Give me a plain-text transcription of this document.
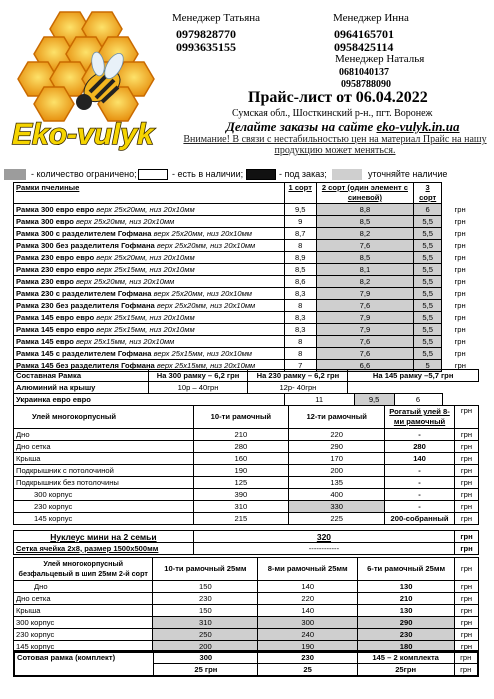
Eko-vulyk
Менеджер Татьяна
0979828770
0993635155
Менеджер Инна
0964165701
0958425114
Менеджер Наталья
0681040137
0958788090
Прайс-лист от 06.04.2022
Сумская обл., Шосткинский р-н., пгт. Воронеж
Делайте заказы на сайте eko-vulyk.in.ua
Внимание! В связи с нестабильностью цен на материал Прайс на нашу
продукцию может меняться.
- количество ограничено;	- есть в наличии;	- под заказ;	уточняйте наличие
Рамки пчелиные	1 сорт	2 сорт (один элемент с синевой)	3 сорт	
Рамка 300 евро евро верх 25х20мм, низ 20х10мм	9,5	8,8	6	грн
Рамка 300 евро верх 25х20мм, низ 20х10мм	9	8,5	5,5	грн
Рамка 300 с разделителем Гофмана верх 25х20мм, низ 20х10мм	8,7	8,2	5,5	грн
Рамка 300 без разделителя Гофмана верх 25х20мм, низ 20х10мм	8	7,6	5,5	грн
Рамка 230 евро евро верх 25х20мм, низ 20х10мм	8,9	8,5	5,5	грн
Рамка 230 евро евро верх 25х15мм, низ 20х10мм	8,5	8,1	5,5	грн
Рамка 230 евро верх 25х20мм, низ 20х10мм	8,6	8,2	5,5	грн
Рамка 230 с разделителем Гофмана верх 25х20мм, низ 20х10мм	8,3	7,9	5,5	грн
Рамка 230 без разделителя Гофмана верх 25х20мм, низ 20х10мм	8	7,6	5,5	грн
Рамка 145 евро евро верх 25х15мм, низ 20х10мм	8,3	7,9	5,5	грн
Рамка 145 евро евро верх 25х15мм, низ 20х10мм	8,3	7,9	5,5	грн
Рамка 145 евро верх 25х15мм, низ 20х10мм	8	7,6	5,5	грн
Рамка 145 с разделителем Гофмана верх 25х15мм, низ 20х10мм	8	7,6	5,5	грн
Рамка 145 без разделителя Гофмана верх 25х15мм, низ 20х10мм	7	6,6	5	грн
Составная Рамка	На 300 рамку – 6,2 грн	На 230 рамку – 6,2 грн	На 145 рамку –5,7 грн
Алюминий на крышу	10р – 40грн	12р- 40грн	
Украинка евро евро	11	9,5	6	
Улей многокорпусный	10-ти рамочный	12-ти рамочный	Рогатый улей 8-ми рамочный	грн
Дно	210	220	-	грн
Дно сетка	280	290	280	грн
Крыша	160	170	140	грн
Подкрышник с потолочиной	190	200	-	грн
Подкрышник без потолочины	125	135	-	грн
300 корпус	390	400	-	грн
230 корпус	310	330	-	грн
145 корпус	215	225	200-собранный	грн
Нуклеус мини на 2 семьи	320	грн
Сетка ячейка 2х8, размер 1500х500мм	------------	грн
Улей многокорпусный безфальцевый в шип 25мм 2-й сорт	10-ти рамочный 25мм	8-ми рамочный 25мм	6-ти рамочный 25мм	грн
Дно	150	140	130	грн
Дно сетка	230	220	210	грн
Крыша	150	140	130	грн
300 корпус	310	300	290	грн
230 корпус	250	240	230	грн
145 корпус	200	190	180	грн
Сотовая рамка (комплект)	300	230	145 – 2 комплекта	грн
	25 грн	25	25грн	грн
